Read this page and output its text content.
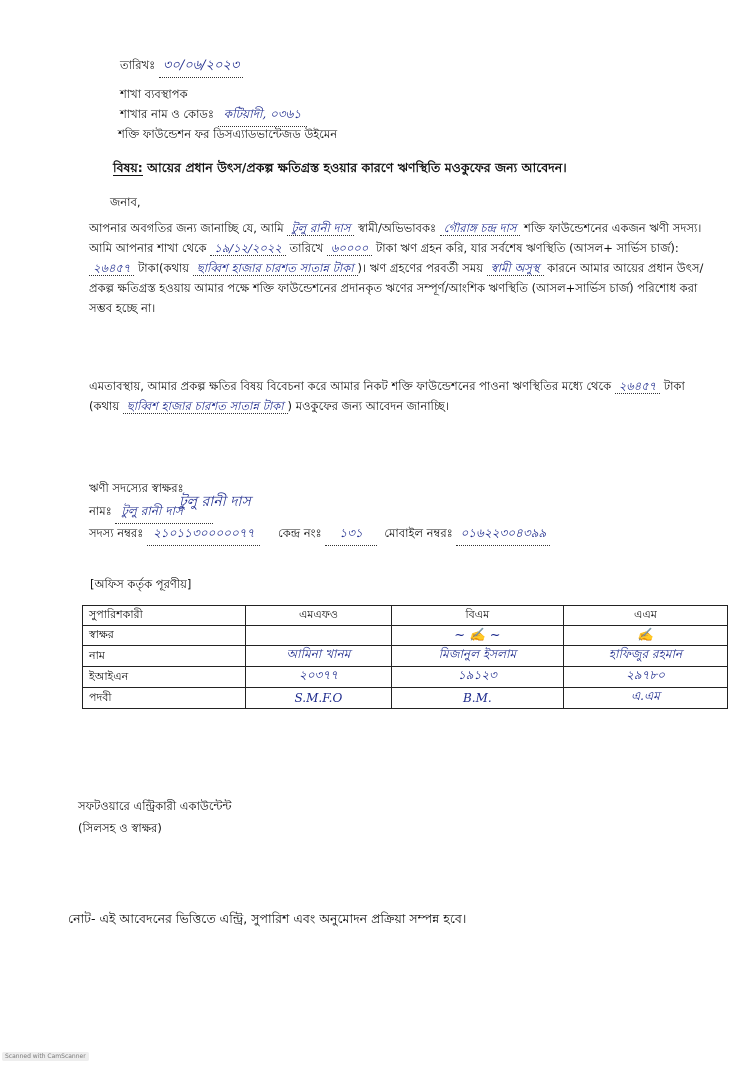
তারিখঃ ৩০/০৬/২০২৩
শাখা ব্যবস্থাপক
শাখার নাম ও কোডঃ কটিয়াদী, ০৩৬১
শক্তি ফাউন্ডেশন ফর ডিসএ্যাডভান্টেজড উইমেন
বিষয়: আয়ের প্রধান উৎস/প্রকল্প ক্ষতিগ্রস্ত হওয়ার কারণে ঋণস্থিতি মওকুফের জন্য আবেদন।
জনাব,
আপনার অবগতির জন্য জানাচ্ছি যে, আমি টুলু রানী দাস স্বামী/অভিভাবকঃ গৌরাঙ্গ চন্দ্র দাস শক্তি ফাউন্ডেশনের একজন ঋণী সদস্য। আমি আপনার শাখা থেকে ১৯/১২/২০২২ তারিখে ৬০০০০ টাকা ঋণ গ্রহন করি, যার সর্বশেষ ঋণস্থিতি (আসল+ সার্ভিস চার্জ): ২৬৪৫৭ টাকা(কথায় ছাব্বিশ হাজার চারশত সাতান্ন টাকা )। ঋণ গ্রহণের পরবর্তী সময় স্বামী অসুস্থ কারনে আমার আয়ের প্রধান উৎস/প্রকল্প ক্ষতিগ্রস্ত হওয়ায় আমার পক্ষে শক্তি ফাউন্ডেশনের প্রদানকৃত ঋণের সম্পূর্ণ/আংশিক ঋণস্থিতি (আসল+সার্ভিস চার্জ) পরিশোধ করা সম্ভব হচ্ছে না।
এমতাবস্থায়, আমার প্রকল্প ক্ষতির বিষয় বিবেচনা করে আমার নিকট শক্তি ফাউন্ডেশনের পাওনা ঋণস্থিতির মধ্যে থেকে ২৬৪৫৭ টাকা (কথায় ছাব্বিশ হাজার চারশত সাতান্ন টাকা ) মওকুফের জন্য আবেদন জানাচ্ছি।
ঋণী সদস্যের স্বাক্ষরঃ
টুলু রানী দাস
নামঃ টুলু রানী দাস
সদস্য নম্বরঃ ২১০১১৩০০০০০৭৭ কেন্দ্র নংঃ ১৩১ মোবাইল নম্বরঃ ০১৬২২৩০৪৩৯৯
[অফিস কর্তৃক পূরণীয়]
সুপারিশকারী	এমএফও	বিএম	এএম
স্বাক্ষর		~ ✍ ~	✍
নাম	আমিনা খানম	মিজানুল ইসলাম	হাফিজুর রহমান
ইআইএন	২০৩৭৭	১৯১২৩	২৯৭৮০
পদবী	S.M.F.O	B.M.	এ.এম
সফটওয়ারে এন্ট্রিকারী একাউন্টেন্ট
(সিলসহ ও স্বাক্ষর)
নোট- এই আবেদনের ভিত্তিতে এন্ট্রি, সুপারিশ এবং অনুমোদন প্রক্রিয়া সম্পন্ন হবে।
Scanned with CamScanner
